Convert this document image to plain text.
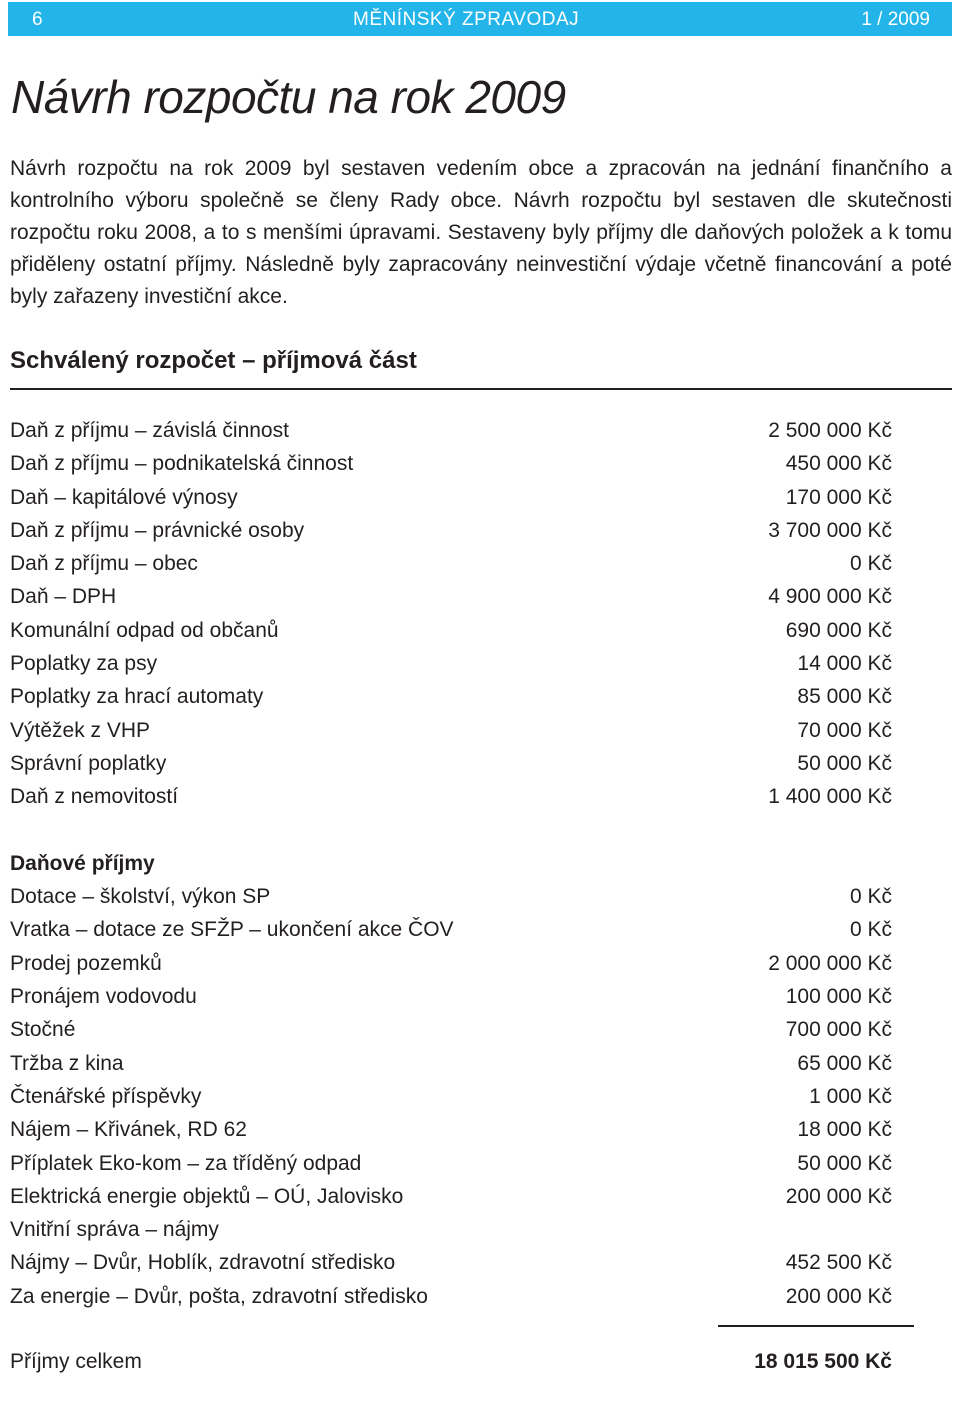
6	MĚNÍNSKÝ ZPRAVODAJ	1 / 2009
Návrh rozpočtu na rok 2009

Návrh rozpočtu na rok 2009 byl sestaven vedením obce a zpracován na jednání finančního a kontrolního výboru společně se členy Rady obce. Návrh rozpočtu byl sestaven dle skutečnosti rozpočtu roku 2008, a to s menšími úpravami. Sestaveny byly příjmy dle daňových položek a k tomu přiděleny ostatní příjmy. Následně byly zapracovány neinvestiční výdaje včetně financování a poté byly zařazeny investiční akce.

Schválený rozpočet – příjmová část
Daň z příjmu – závislá činnost	2 500 000 Kč
Daň z příjmu – podnikatelská činnost	450 000 Kč
Daň – kapitálové výnosy	170 000 Kč
Daň z příjmu – právnické osoby	3 700 000 Kč
Daň z příjmu – obec	0 Kč
Daň – DPH	4 900 000 Kč
Komunální odpad od občanů	690 000 Kč
Poplatky za psy	14 000 Kč
Poplatky za hrací automaty	85 000 Kč
Výtěžek z VHP	70 000 Kč
Správní poplatky	50 000 Kč
Daň z nemovitostí	1 400 000 Kč
Daňové příjmy
Dotace – školství, výkon SP	0 Kč
Vratka – dotace ze SFŽP – ukončení akce ČOV	0 Kč
Prodej pozemků	2 000 000 Kč
Pronájem vodovodu	100 000 Kč
Stočné	700 000 Kč
Tržba z kina	65 000 Kč
Čtenářské příspěvky	1 000 Kč
Nájem – Křivánek, RD 62	18 000 Kč
Příplatek Eko-kom – za tříděný odpad	50 000 Kč
Elektrická energie objektů – OÚ, Jalovisko	200 000 Kč
Vnitřní správa – nájmy
Nájmy – Dvůr, Hoblík, zdravotní středisko	452 500 Kč
Za energie – Dvůr, pošta, zdravotní středisko	200 000 Kč
Příjmy celkem	18 015 500 Kč
